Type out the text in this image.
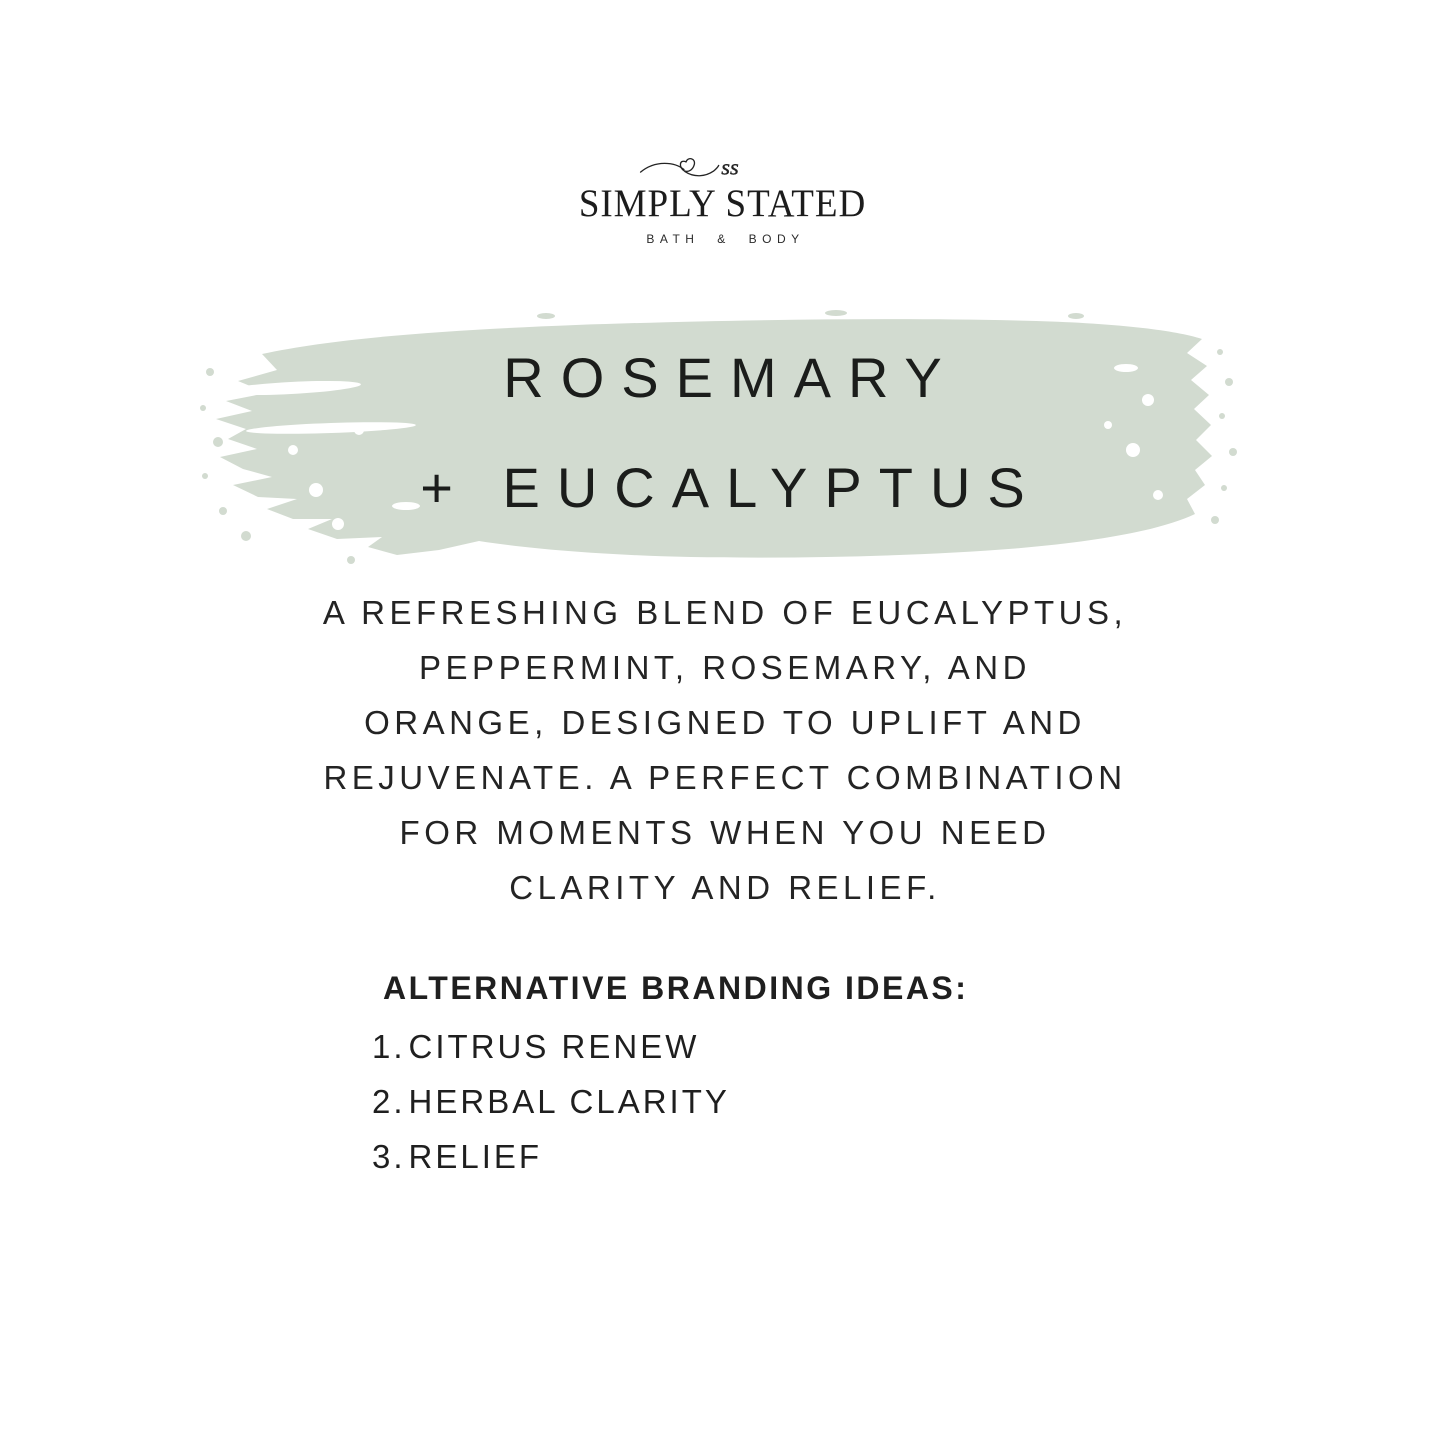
ss
SIMPLY STATED
BATH & BODY
ROSEMARY
+ EUCALYPTUS
A REFRESHING BLEND OF EUCALYPTUS,
PEPPERMINT, ROSEMARY, AND
ORANGE, DESIGNED TO UPLIFT AND
REJUVENATE. A PERFECT COMBINATION
FOR MOMENTS WHEN YOU NEED
CLARITY AND RELIEF.
ALTERNATIVE BRANDING IDEAS:
1.CITRUS RENEW
2.HERBAL CLARITY
3.RELIEF
